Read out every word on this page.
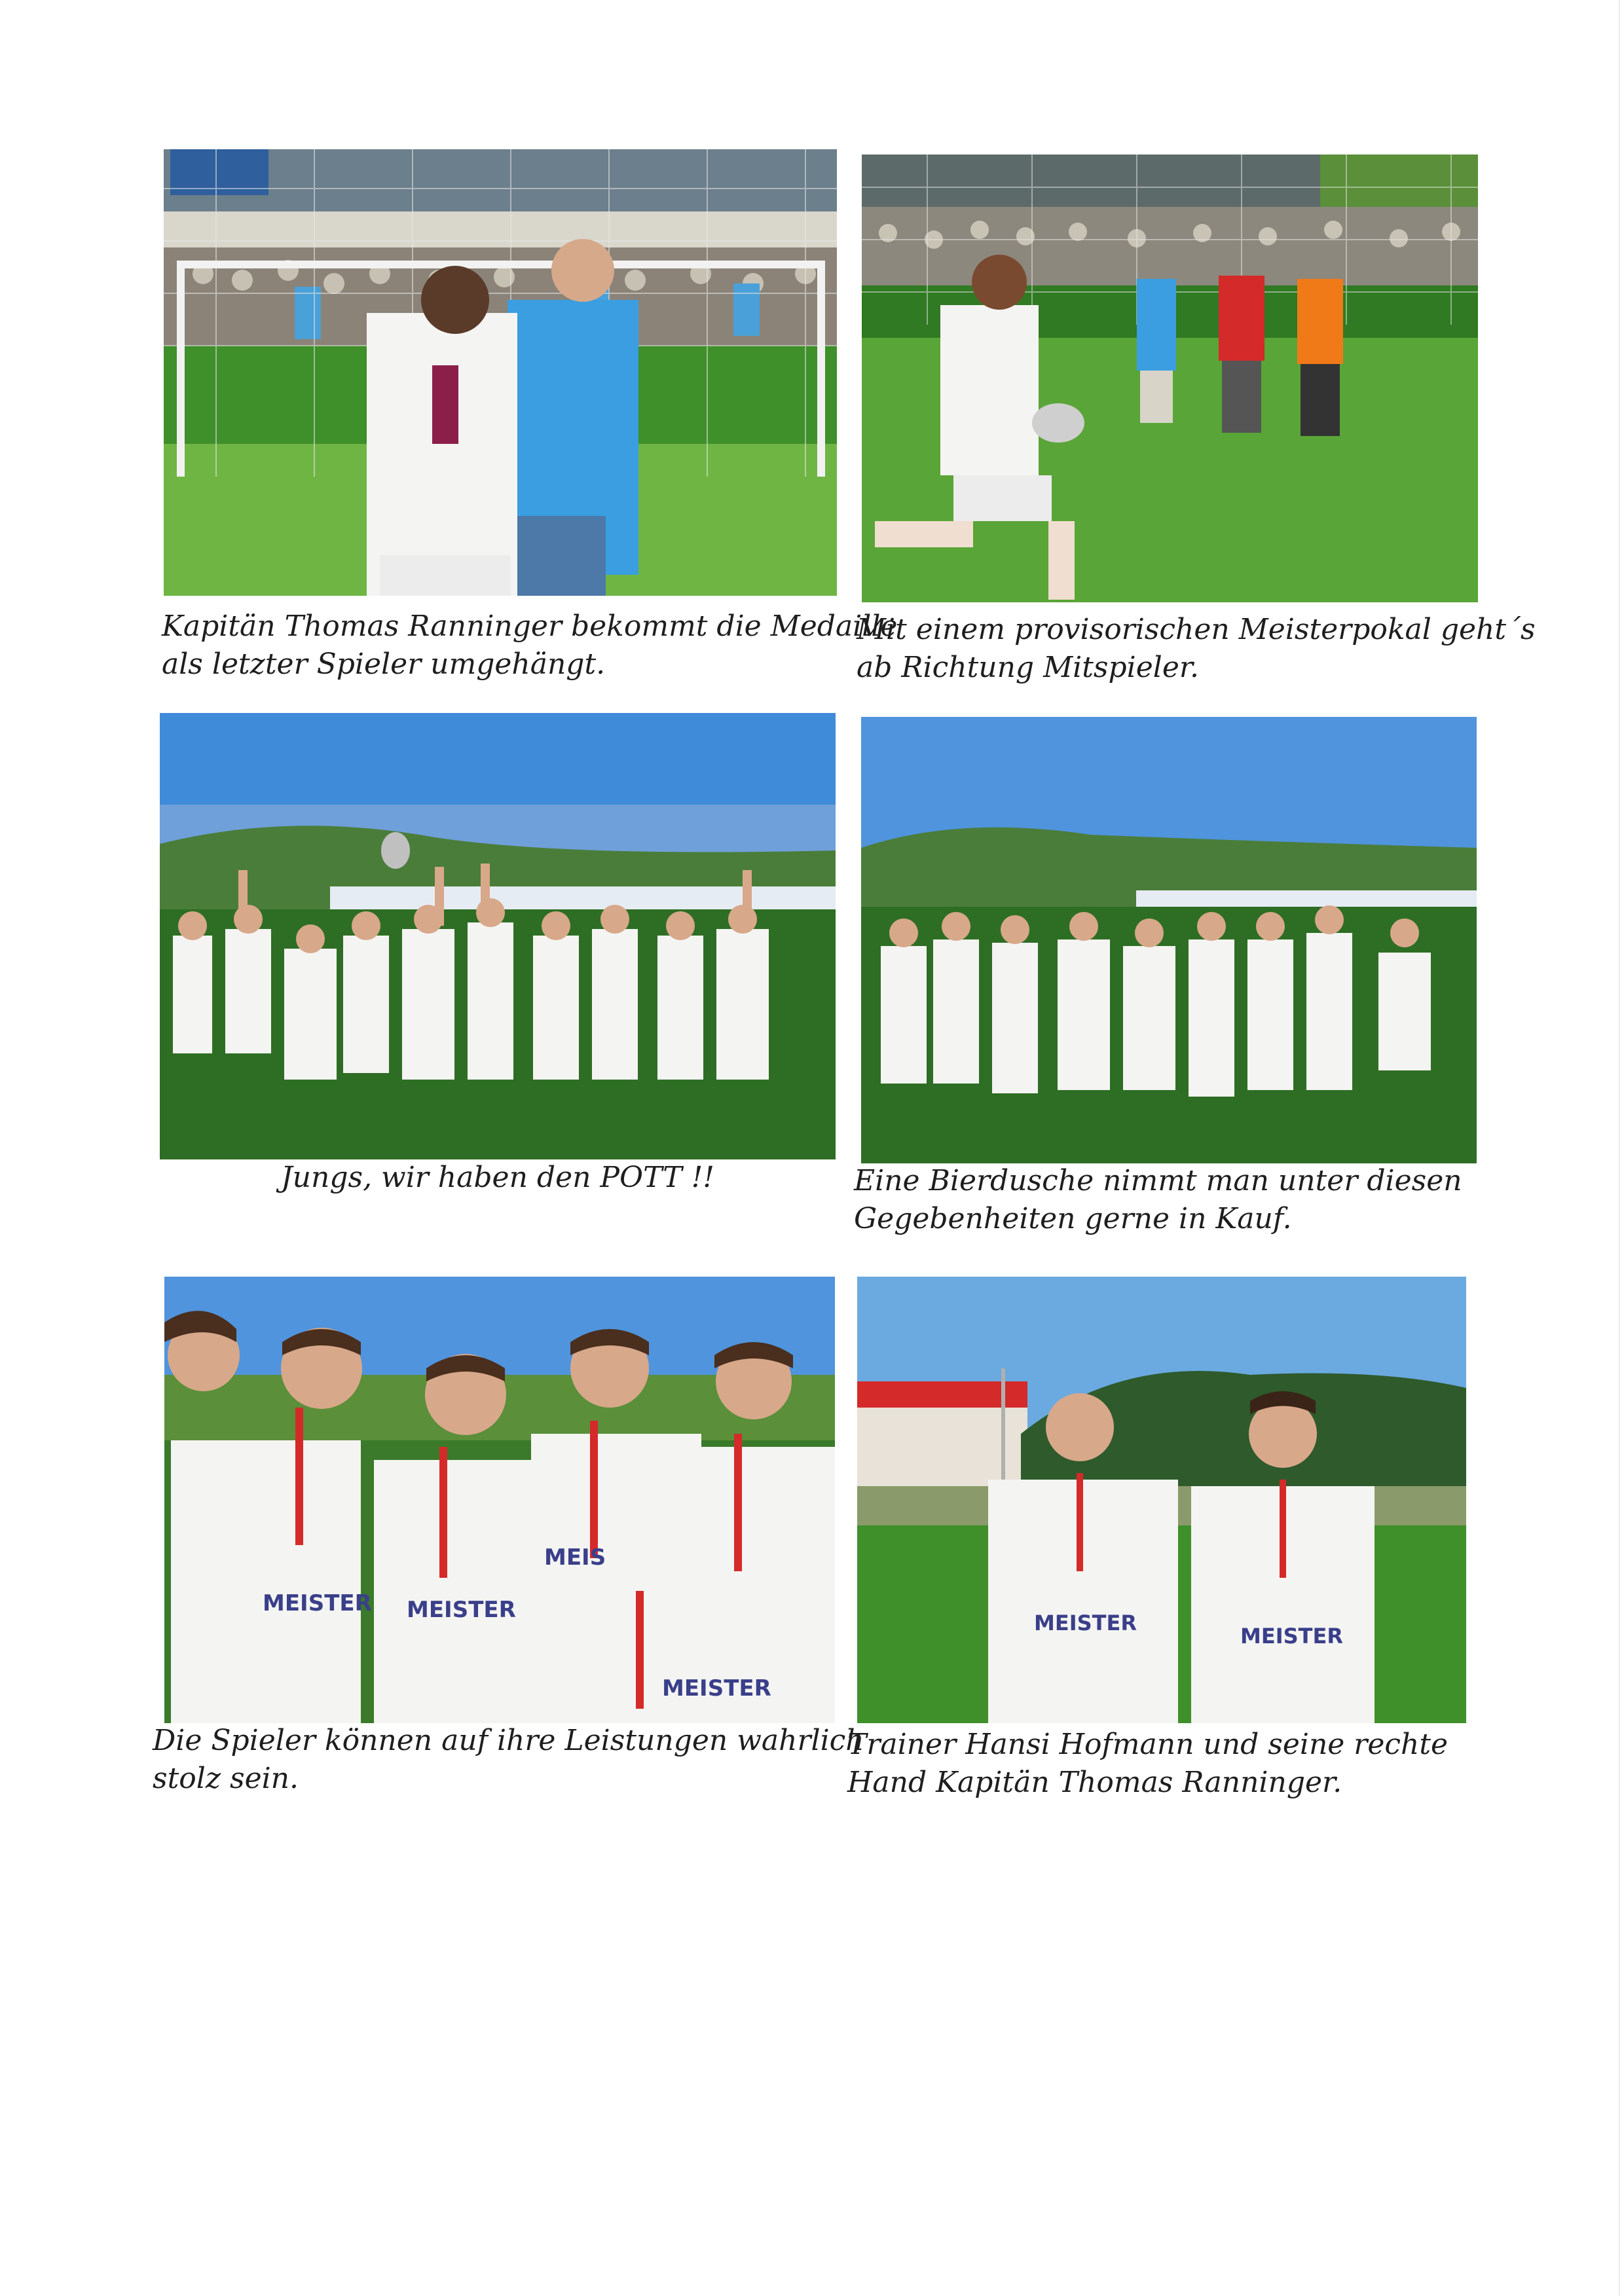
MEISTER MEISTER
MEIS
MEISTER
MEISTER
MEISTER
Kapitän Thomas Ranninger bekommt die Medaille
als letzter Spieler umgehängt.
Mit einem provisorischen Meisterpokal geht´s
ab Richtung Mitspieler.
Jungs, wir haben den POTT !!	Eine Bierdusche nimmt man unter diesen
Gegebenheiten gerne in Kauf.
Die Spieler können auf ihre Leistungen wahrlich
stolz sein.
Trainer Hansi Hofmann und seine rechte
Hand Kapitän Thomas Ranninger.
